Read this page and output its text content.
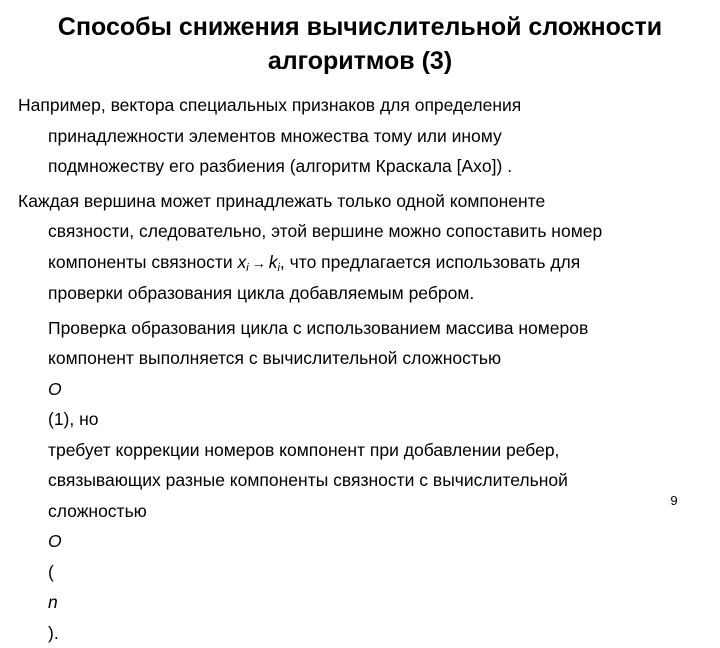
Способы снижения вычислительной сложности
алгоритмов (3)
Например, вектора специальных признаков для определения
принадлежности элементов множества тому или иному
подмножеству его разбиения (алгоритм Краскала [Axo]) .
Каждая вершина может принадлежать только одной компоненте
связности, следовательно, этой вершине можно сопоставить номер
компоненты связности $x_i \to k_i$, что предлагается использовать для
проверки образования цикла добавляемым ребром.
Проверка образования цикла с использованием массива номеров
компонент выполняется с вычислительной сложностью
O
(1), но
требует коррекции номеров компонент при добавлении ребер,
связывающих разные компоненты связности с вычислительной
сложностью
O
(
n
).
9
